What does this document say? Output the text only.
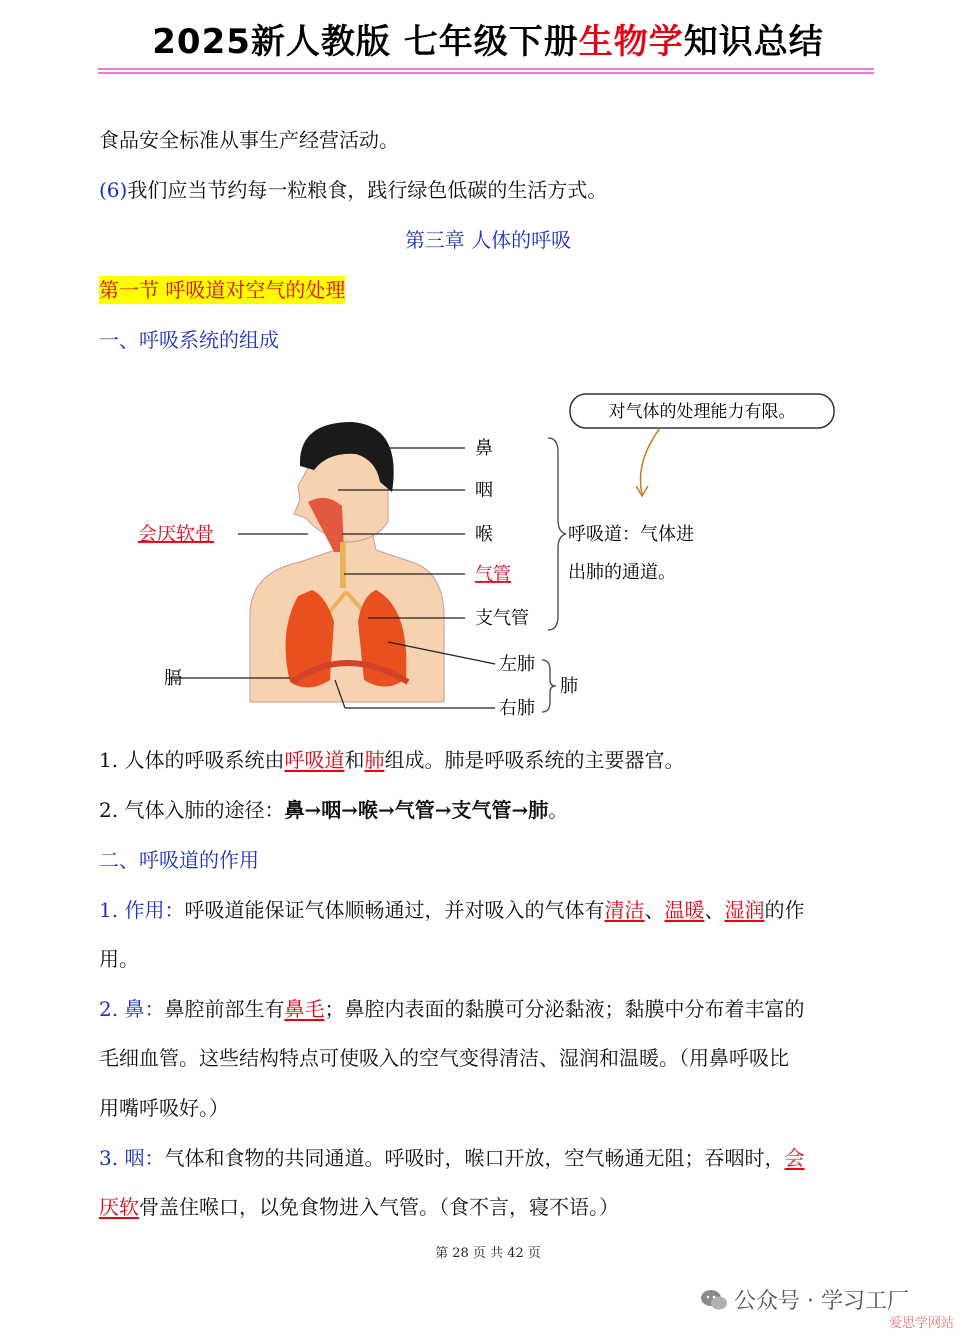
2025新人教版 七年级下册生物学知识总结
食品安全标准从事生产经营活动。
(6)我们应当节约每一粒粮食，践行绿色低碳的生活方式。
第三章 人体的呼吸
第一节 呼吸道对空气的处理
一、呼吸系统的组成
对气体的处理能力有限。
鼻
咽
喉
气管
支气管
左肺
右肺
膈
会厌软骨
肺
呼吸道：气体进
出肺的通道。
1. 人体的呼吸系统由呼吸道和肺组成。肺是呼吸系统的主要器官。
2. 气体入肺的途径：鼻→咽→喉→气管→支气管→肺。
二、呼吸道的作用
1. 作用：呼吸道能保证气体顺畅通过，并对吸入的气体有清洁、温暖、湿润的作
用。
2. 鼻：鼻腔前部生有鼻毛；鼻腔内表面的黏膜可分泌黏液；黏膜中分布着丰富的
毛细血管。这些结构特点可使吸入的空气变得清洁、湿润和温暖。（用鼻呼吸比
用嘴呼吸好。）
3. 咽：气体和食物的共同通道。呼吸时，喉口开放，空气畅通无阻；吞咽时，会
厌软骨盖住喉口，以免食物进入气管。（食不言，寝不语。）
第 28 页 共 42 页
公众号 · 学习工厂
爱思学网站
